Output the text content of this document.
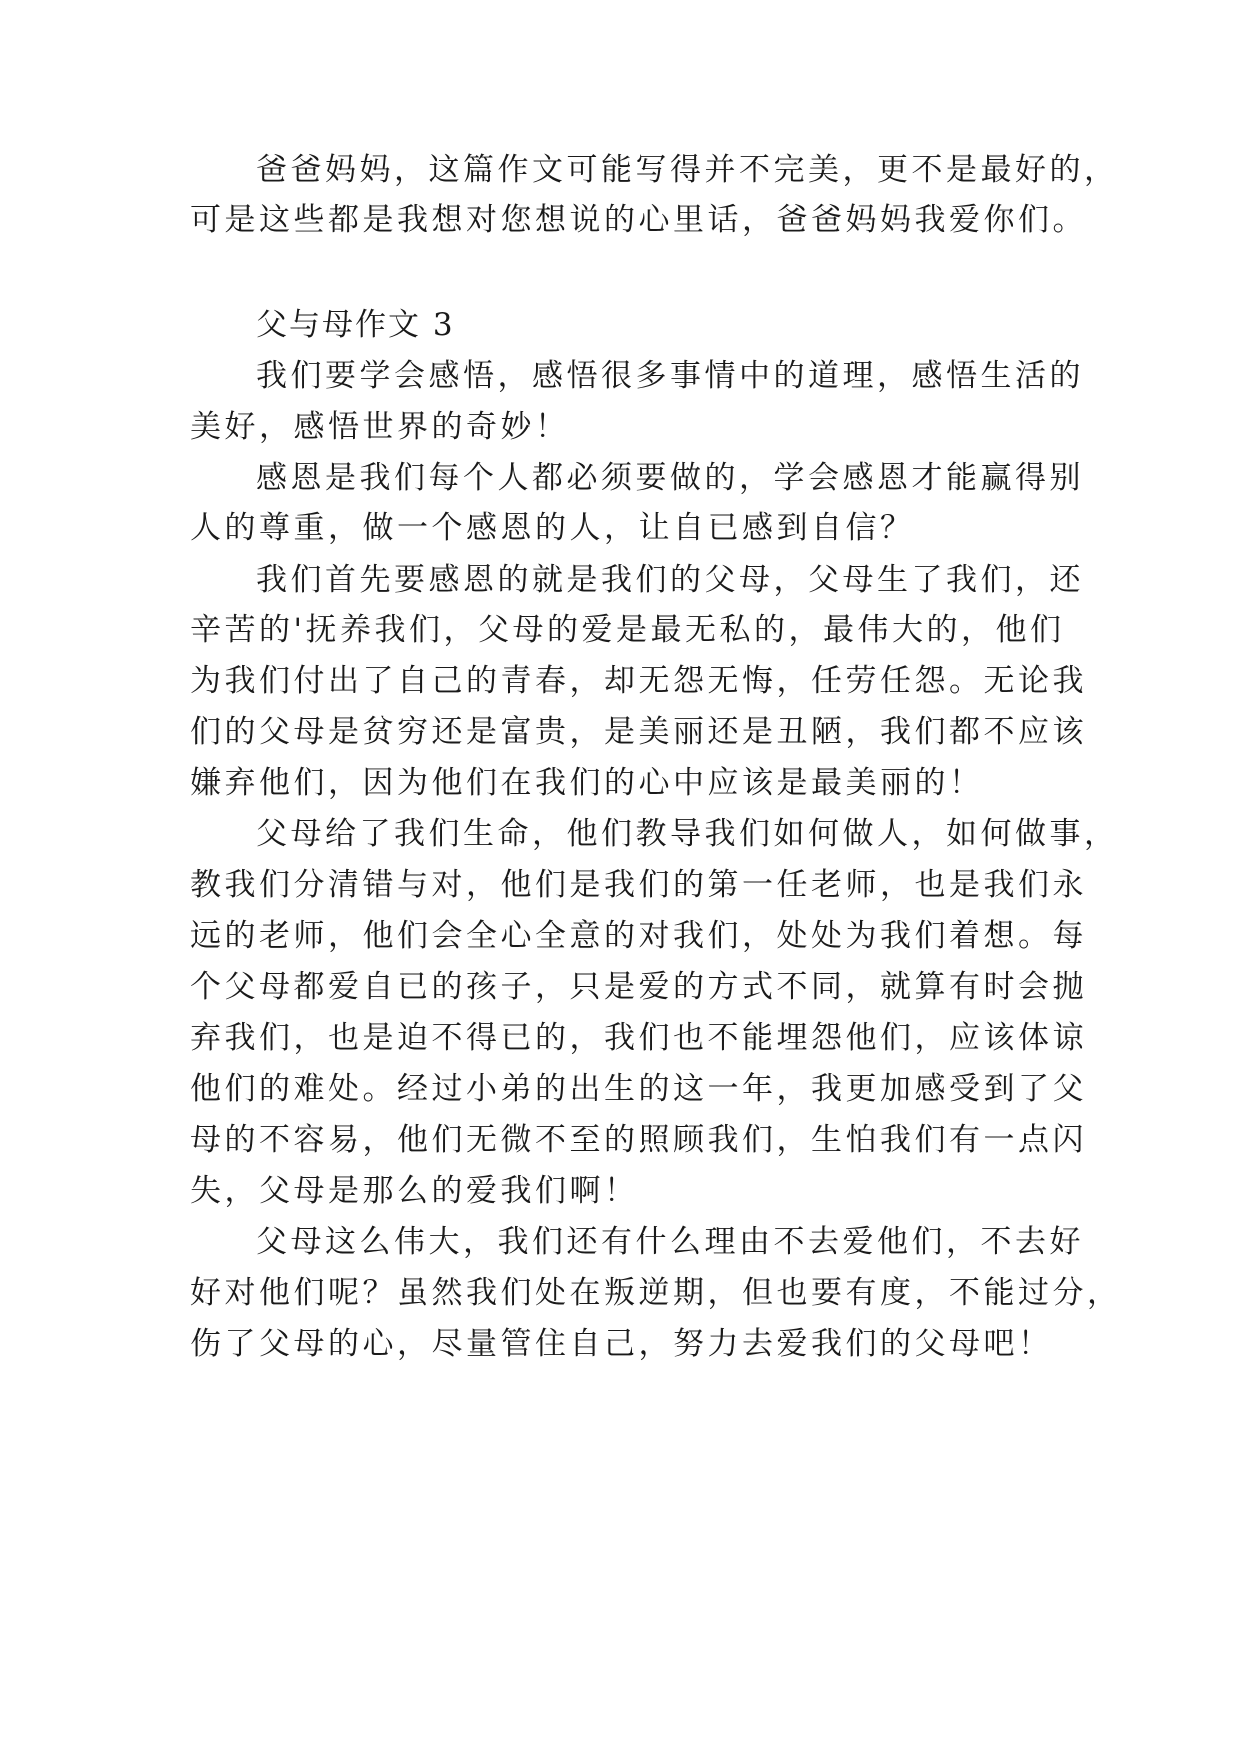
爸爸妈妈，这篇作文可能写得并不完美，更不是最好的，
可是这些都是我想对您想说的心里话，爸爸妈妈我爱你们。
父与母作文 3
我们要学会感悟，感悟很多事情中的道理，感悟生活的
美好，感悟世界的奇妙！
感恩是我们每个人都必须要做的，学会感恩才能赢得别
人的尊重，做一个感恩的人，让自已感到自信？
我们首先要感恩的就是我们的父母，父母生了我们，还
辛苦的'抚养我们，父母的爱是最无私的，最伟大的，他们
为我们付出了自己的青春，却无怨无悔，任劳任怨。无论我
们的父母是贫穷还是富贵，是美丽还是丑陋，我们都不应该
嫌弃他们，因为他们在我们的心中应该是最美丽的！
父母给了我们生命，他们教导我们如何做人，如何做事，
教我们分清错与对，他们是我们的第一任老师，也是我们永
远的老师，他们会全心全意的对我们，处处为我们着想。每
个父母都爱自已的孩子，只是爱的方式不同，就算有时会抛
弃我们，也是迫不得已的，我们也不能埋怨他们，应该体谅
他们的难处。经过小弟的出生的这一年，我更加感受到了父
母的不容易，他们无微不至的照顾我们，生怕我们有一点闪
失，父母是那么的爱我们啊！
父母这么伟大，我们还有什么理由不去爱他们，不去好
好对他们呢？虽然我们处在叛逆期，但也要有度，不能过分，
伤了父母的心，尽量管住自己，努力去爱我们的父母吧！
